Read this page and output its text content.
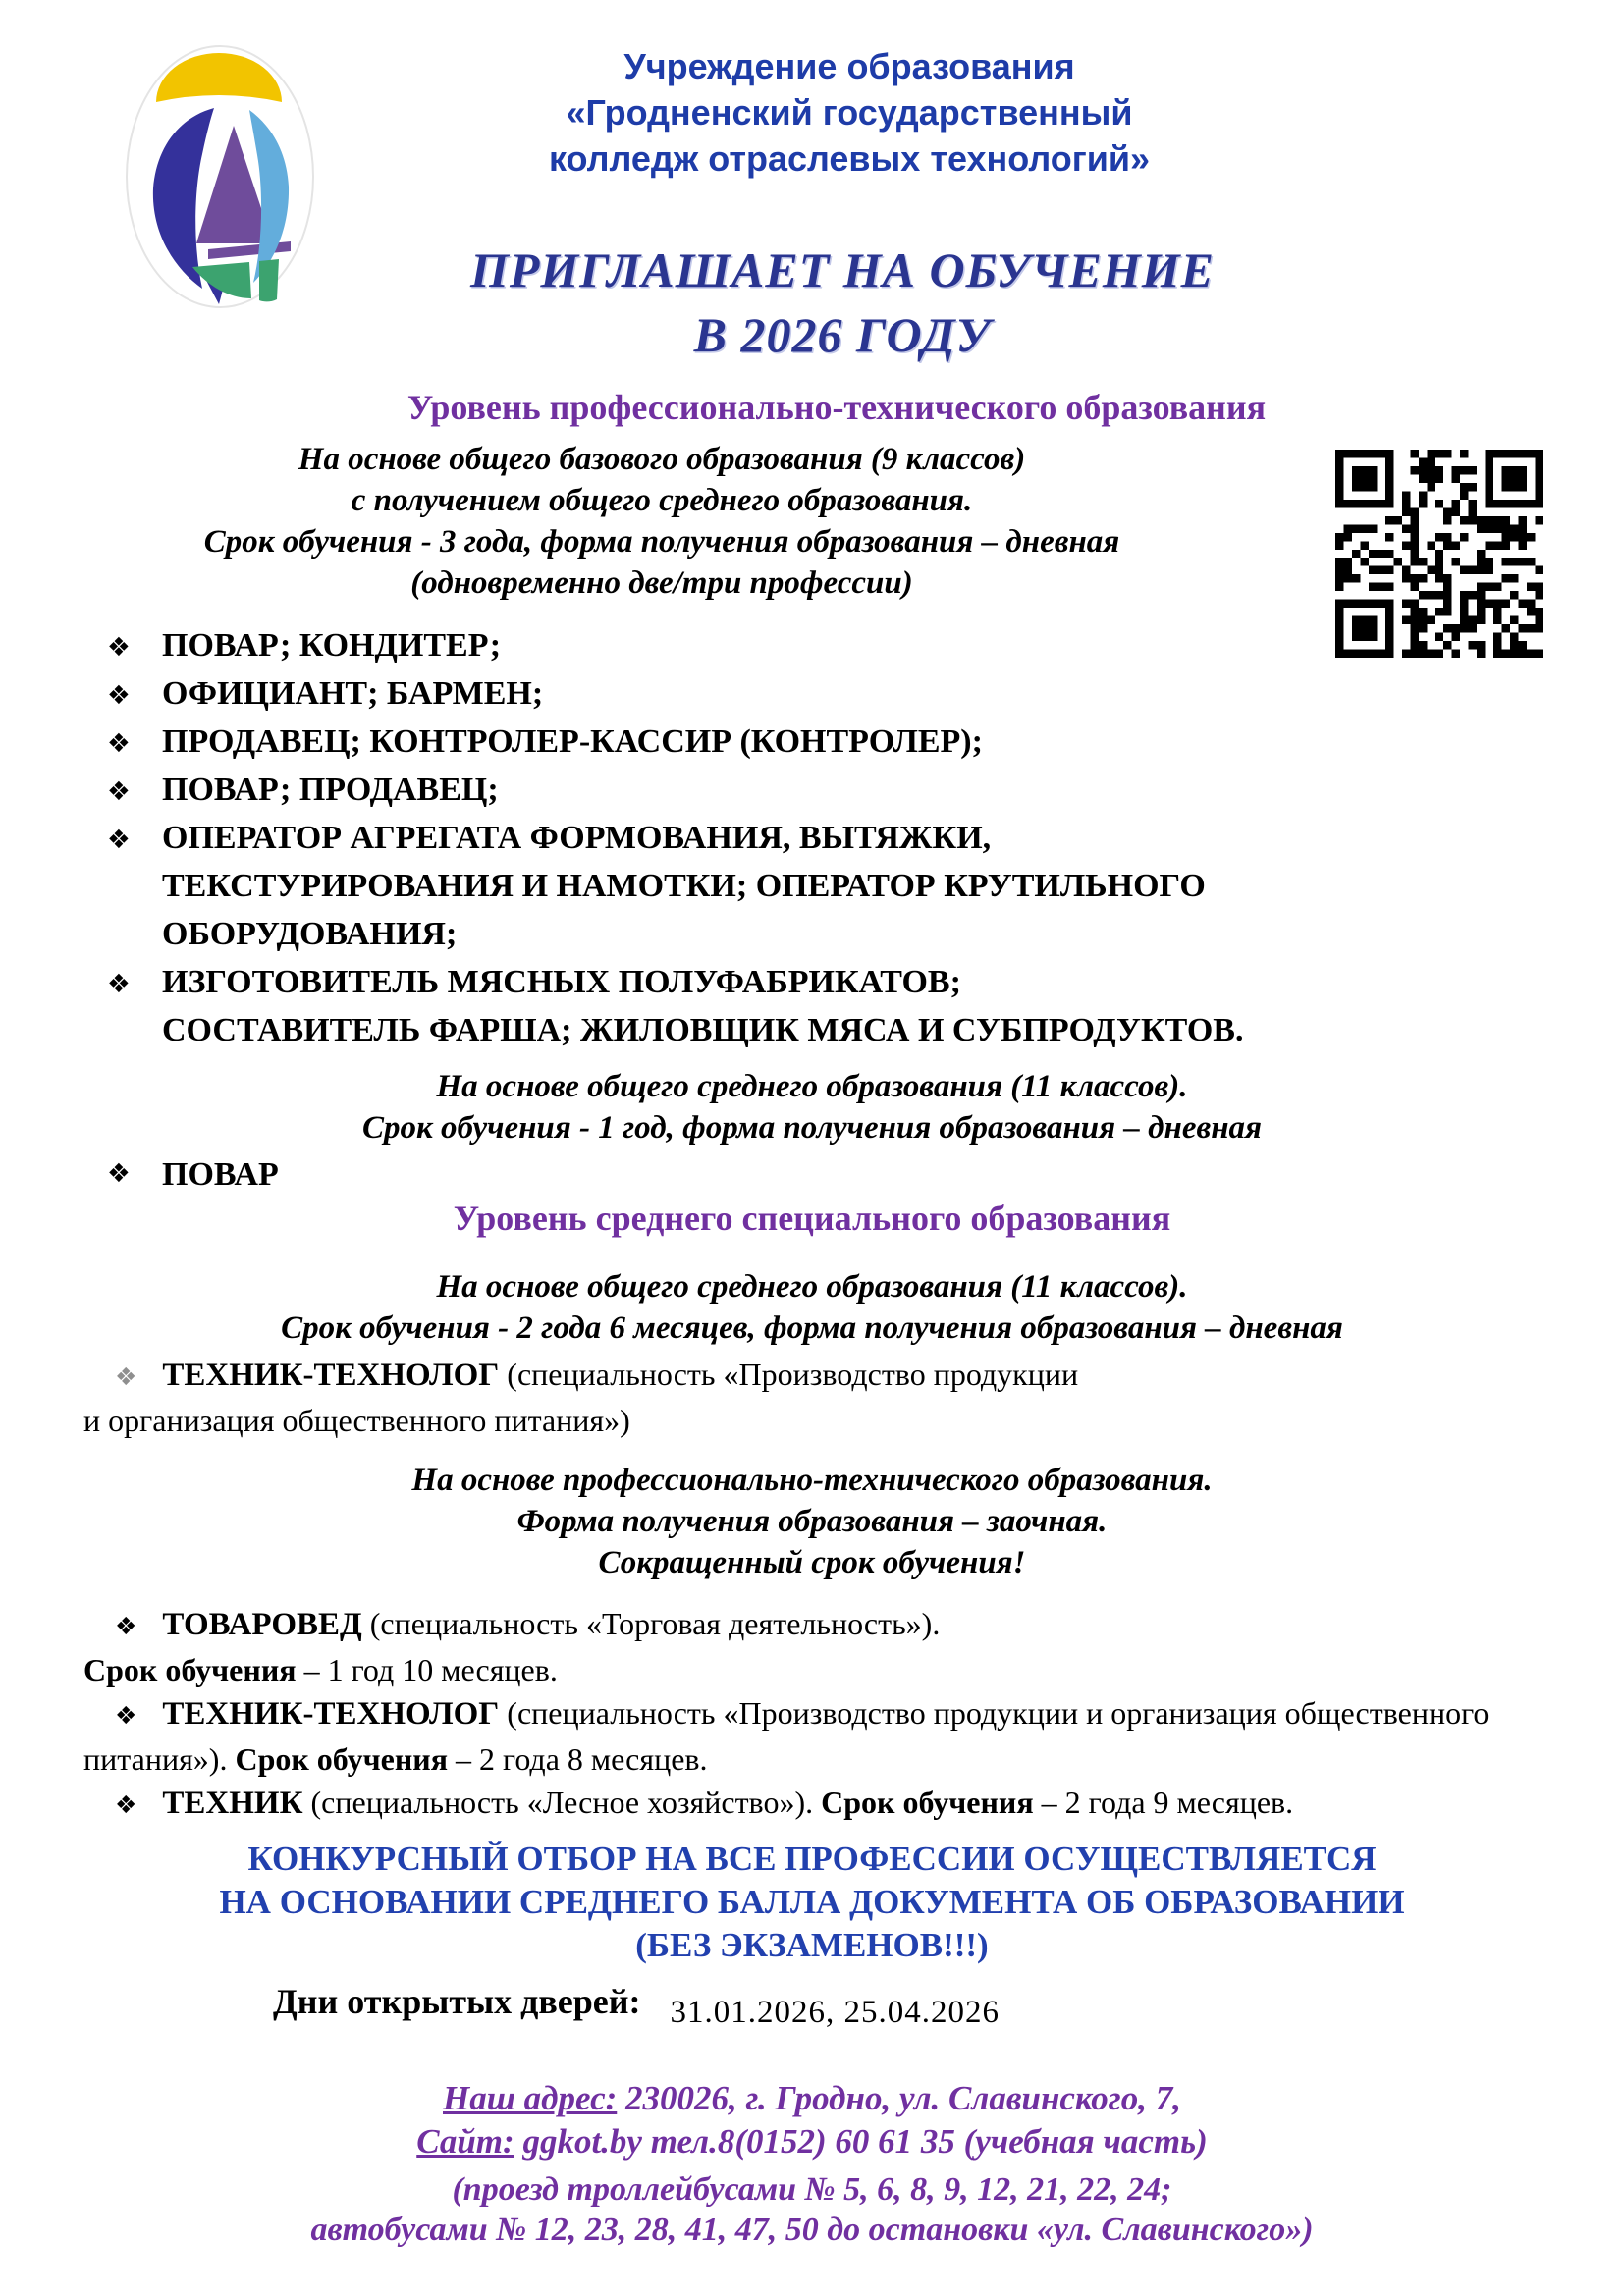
Учреждение образования
«Гродненский государственный
колледж отраслевых технологий»
ПРИГЛАШАЕТ НА ОБУЧЕНИЕ
В 2026 ГОДУ
Уровень профессионально-технического образования
На основе общего базового образования (9 классов)
с получением общего среднего образования.
Срок обучения - 3 года, форма получения образования – дневная
(одновременно две/три профессии)

❖ ПОВАР; КОНДИТЕР;

❖ ОФИЦИАНТ; БАРМЕН;

❖ ПРОДАВЕЦ; КОНТРОЛЕР-КАССИР (КОНТРОЛЕР);

❖ ПОВАР; ПРОДАВЕЦ;

❖ ОПЕРАТОР АГРЕГАТА ФОРМОВАНИЯ, ВЫТЯЖКИ,
ТЕКСТУРИРОВАНИЯ И НАМОТКИ; ОПЕРАТОР КРУТИЛЬНОГО
ОБОРУДОВАНИЯ;

❖ ИЗГОТОВИТЕЛЬ МЯСНЫХ ПОЛУФАБРИКАТОВ;
СОСТАВИТЕЛЬ ФАРША; ЖИЛОВЩИК МЯСА И СУБПРОДУКТОВ.

На основе общего среднего образования (11 классов).
Срок обучения - 1 год, форма получения образования – дневная
❖ ПОВАР
Уровень среднего специального образования
На основе общего среднего образования (11 классов).
Срок обучения - 2 года 6 месяцев, форма получения образования – дневная
❖ ТЕХНИК-ТЕХНОЛОГ (специальность «Производство продукции
и организация общественного питания»)
На основе профессионально-технического образования.
Форма получения образования – заочная.
Сокращенный срок обучения!

❖ ТОВАРОВЕД (специальность «Торговая деятельность»).

Срок обучения – 1 год 10 месяцев.

❖ ТЕХНИК-ТЕХНОЛОГ (специальность «Производство продукции и организация общественного питания»). Срок обучения – 2 года 8 месяцев.

❖ ТЕХНИК (специальность «Лесное хозяйство»). Срок обучения – 2 года 9 месяцев.

КОНКУРСНЫЙ ОТБОР НА ВСЕ ПРОФЕССИИ ОСУЩЕСТВЛЯЕТСЯ
НА ОСНОВАНИИ СРЕДНЕГО БАЛЛА ДОКУМЕНТА ОБ ОБРАЗОВАНИИ
(БЕЗ ЭКЗАМЕНОВ!!!)
Дни открытых дверей: 31.01.2026, 25.04.2026
Наш адрес: 230026, г. Гродно, ул. Славинского, 7,
Сайт: ggkot.by тел.8(0152) 60 61 35 (учебная часть)
(проезд троллейбусами № 5, 6, 8, 9, 12, 21, 22, 24;
автобусами № 12, 23, 28, 41, 47, 50 до остановки «ул. Славинского»)
